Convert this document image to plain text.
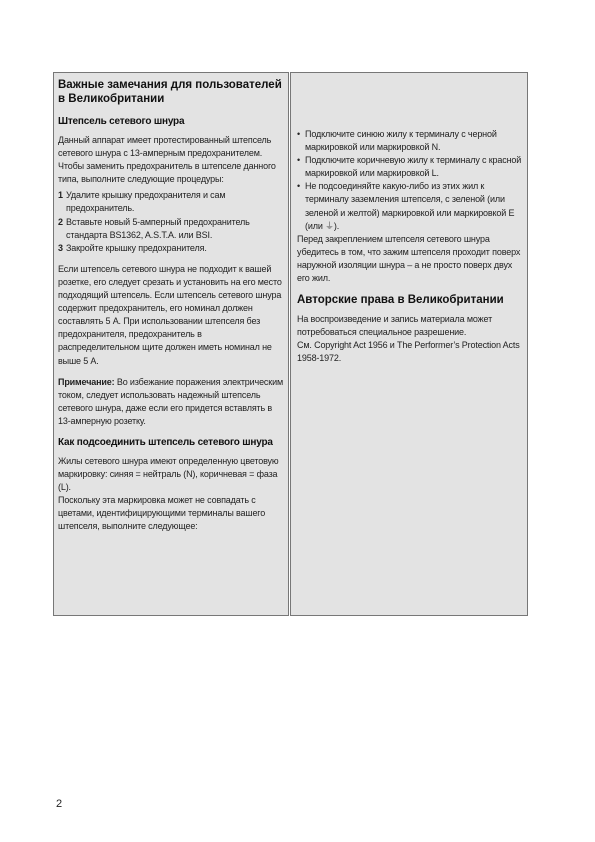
Важные замечания для пользователей в Великобритании
Штепсель сетевого шнура

Данный аппарат имеет протестированный штепсель сетевого шнура с 13-амперным предохранителем.

Чтобы заменить предохранитель в штепселе данного типа, выполните следующие процедуры:

1 Удалите крышку предохранителя и сам предохранитель.
2 Вставьте новый 5-амперный предохранитель стандарта BS1362, A.S.T.A. или BSI.
3 Закройте крышку предохранителя.

Если штепсель сетевого шнура не подходит к вашей розетке, его следует срезать и установить на его место подходящий штепсель. Если штепсель сетевого шнура содержит предохранитель, его номинал должен составлять 5 A. При использовании штепселя без предохранителя, предохранитель в распределительном щите должен иметь номинал не выше 5 A.

Примечание: Во избежание поражения электрическим током, следует использовать надежный штепсель сетевого шнура, даже если его придется вставлять в 13-амперную розетку.

Как подсоединить штепсель сетевого шнура

Жилы сетевого шнура имеют определенную цветовую маркировку: синяя = нейтраль (N), коричневая = фаза (L).

Поскольку эта маркировка может не совпадать с цветами, идентифицирующими терминалы вашего штепселя, выполните следующее:

• Подключите синюю жилу к терминалу с черной маркировкой или маркировкой N.
• Подключите коричневую жилу к терминалу с красной маркировкой или маркировкой L.
• Не подсоединяйте какую-либо из этих жил к терминалу заземления штепселя, с зеленой (или зеленой и желтой) маркировкой или маркировкой E (или ⏚).

Перед закреплением штепселя сетевого шнура убедитесь в том, что зажим штепселя проходит поверх наружной изоляции шнура – а не просто поверх двух его жил.

Авторские права в Великобритании

На воспроизведение и запись материала может потребоваться специальное разрешение.

См. Copyright Act 1956 и The Performer’s Protection Acts 1958-1972.

2
